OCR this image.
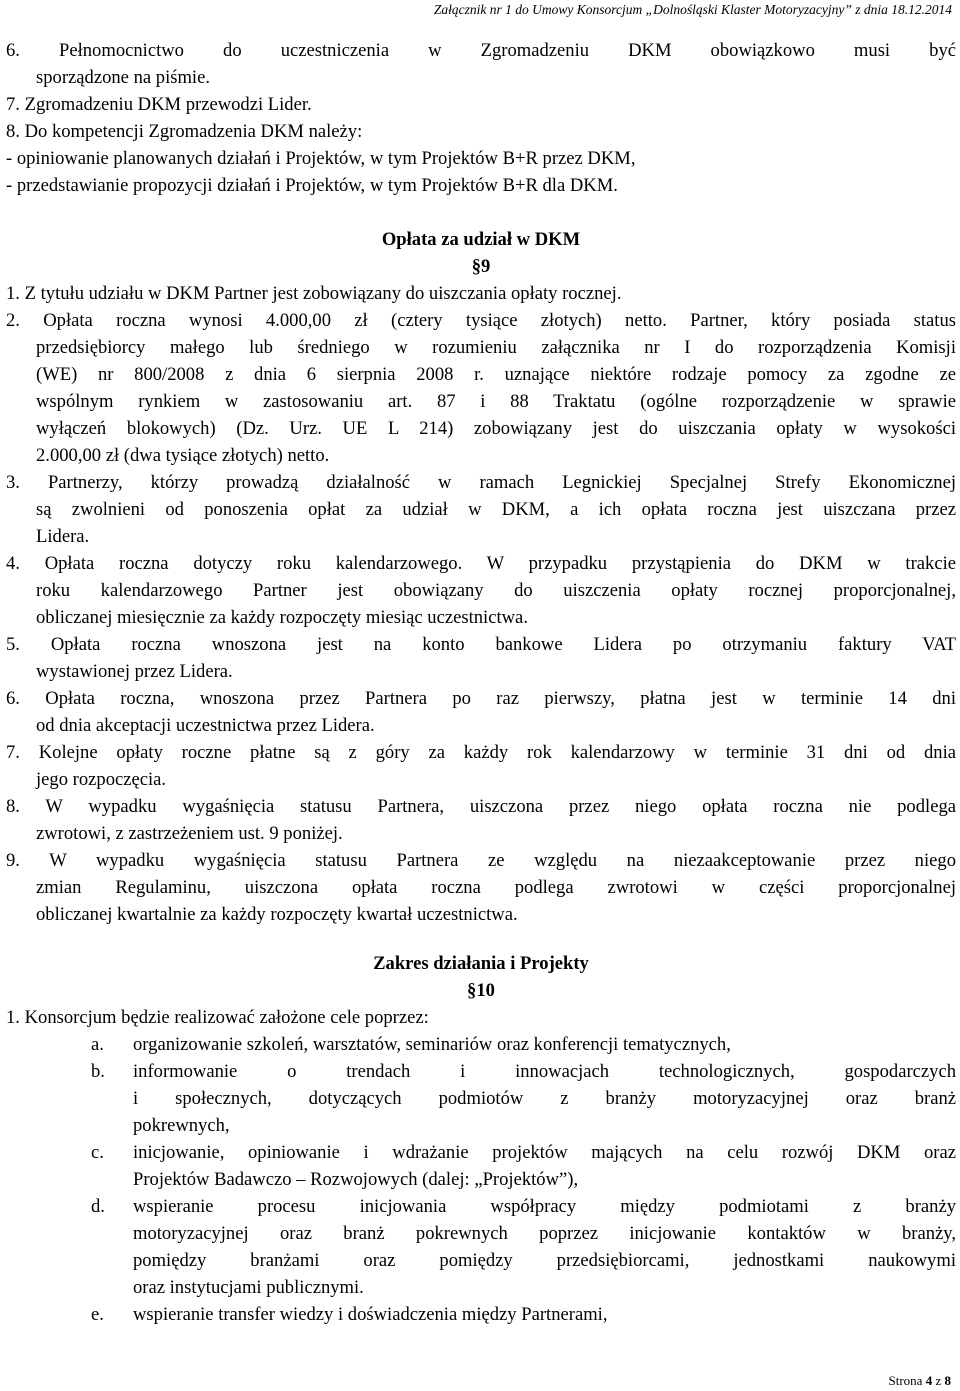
Załącznik nr 1 do Umowy Konsorcjum „Dolnośląski Klaster Motoryzacyjny” z dnia 18.12.2014
6. Pełnomocnictwo do uczestniczenia w Zgromadzeniu DKM obowiązkowo musi być
sporządzone na piśmie.
7. Zgromadzeniu DKM przewodzi Lider.
8. Do kompetencji Zgromadzenia DKM należy:
- opiniowanie planowanych działań i Projektów, w tym Projektów B+R przez DKM,
- przedstawianie propozycji działań i Projektów, w tym Projektów B+R dla DKM.
Opłata za udział w DKM
§9
1. Z tytułu udziału w DKM Partner jest zobowiązany do uiszczania opłaty rocznej.
2. Opłata roczna wynosi 4.000,00 zł (cztery tysiące złotych) netto. Partner, który posiada status
przedsiębiorcy małego lub średniego w rozumieniu załącznika nr I do rozporządzenia Komisji
(WE) nr 800/2008 z dnia 6 sierpnia 2008 r. uznające niektóre rodzaje pomocy za zgodne ze
wspólnym rynkiem w zastosowaniu art. 87 i 88 Traktatu (ogólne rozporządzenie w sprawie
wyłączeń blokowych) (Dz. Urz. UE L 214) zobowiązany jest do uiszczania opłaty w wysokości
2.000,00 zł (dwa tysiące złotych) netto.
3. Partnerzy, którzy prowadzą działalność w ramach Legnickiej Specjalnej Strefy Ekonomicznej
są zwolnieni od ponoszenia opłat za udział w DKM, a ich opłata roczna jest uiszczana przez
Lidera.
4. Opłata roczna dotyczy roku kalendarzowego. W przypadku przystąpienia do DKM w trakcie
roku kalendarzowego Partner jest obowiązany do uiszczenia opłaty rocznej proporcjonalnej,
obliczanej miesięcznie za każdy rozpoczęty miesiąc uczestnictwa.
5. Opłata roczna wnoszona jest na konto bankowe Lidera po otrzymaniu faktury VAT
wystawionej przez Lidera.
6. Opłata roczna, wnoszona przez Partnera po raz pierwszy, płatna jest w terminie 14 dni
od dnia akceptacji uczestnictwa przez Lidera.
7. Kolejne opłaty roczne płatne są z góry za każdy rok kalendarzowy w terminie 31 dni od dnia
jego rozpoczęcia.
8. W wypadku wygaśnięcia statusu Partnera, uiszczona przez niego opłata roczna nie podlega
zwrotowi, z zastrzeżeniem ust. 9 poniżej.
9. W wypadku wygaśnięcia statusu Partnera ze względu na niezaakceptowanie przez niego
zmian Regulaminu, uiszczona opłata roczna podlega zwrotowi w części proporcjonalnej
obliczanej kwartalnie za każdy rozpoczęty kwartał uczestnictwa.
Zakres działania i Projekty
§10
1. Konsorcjum będzie realizować założone cele poprzez:
organizowanie szkoleń, warsztatów, seminariów oraz konferencji tematycznych,
a.
informowanie o trendach i innowacjach technologicznych, gospodarczych
b.
i społecznych, dotyczących podmiotów z branży motoryzacyjnej oraz branż
pokrewnych,
inicjowanie, opiniowanie i wdrażanie projektów mających na celu rozwój DKM oraz
c.
Projektów Badawczo – Rozwojowych (dalej: „Projektów”),
wspieranie procesu inicjowania współpracy między podmiotami z branży
d.
motoryzacyjnej oraz branż pokrewnych poprzez inicjowanie kontaktów w branży,
pomiędzy branżami oraz pomiędzy przedsiębiorcami, jednostkami naukowymi
oraz instytucjami publicznymi.
wspieranie transfer wiedzy i doświadczenia między Partnerami,
e.
Strona 4 z 8
